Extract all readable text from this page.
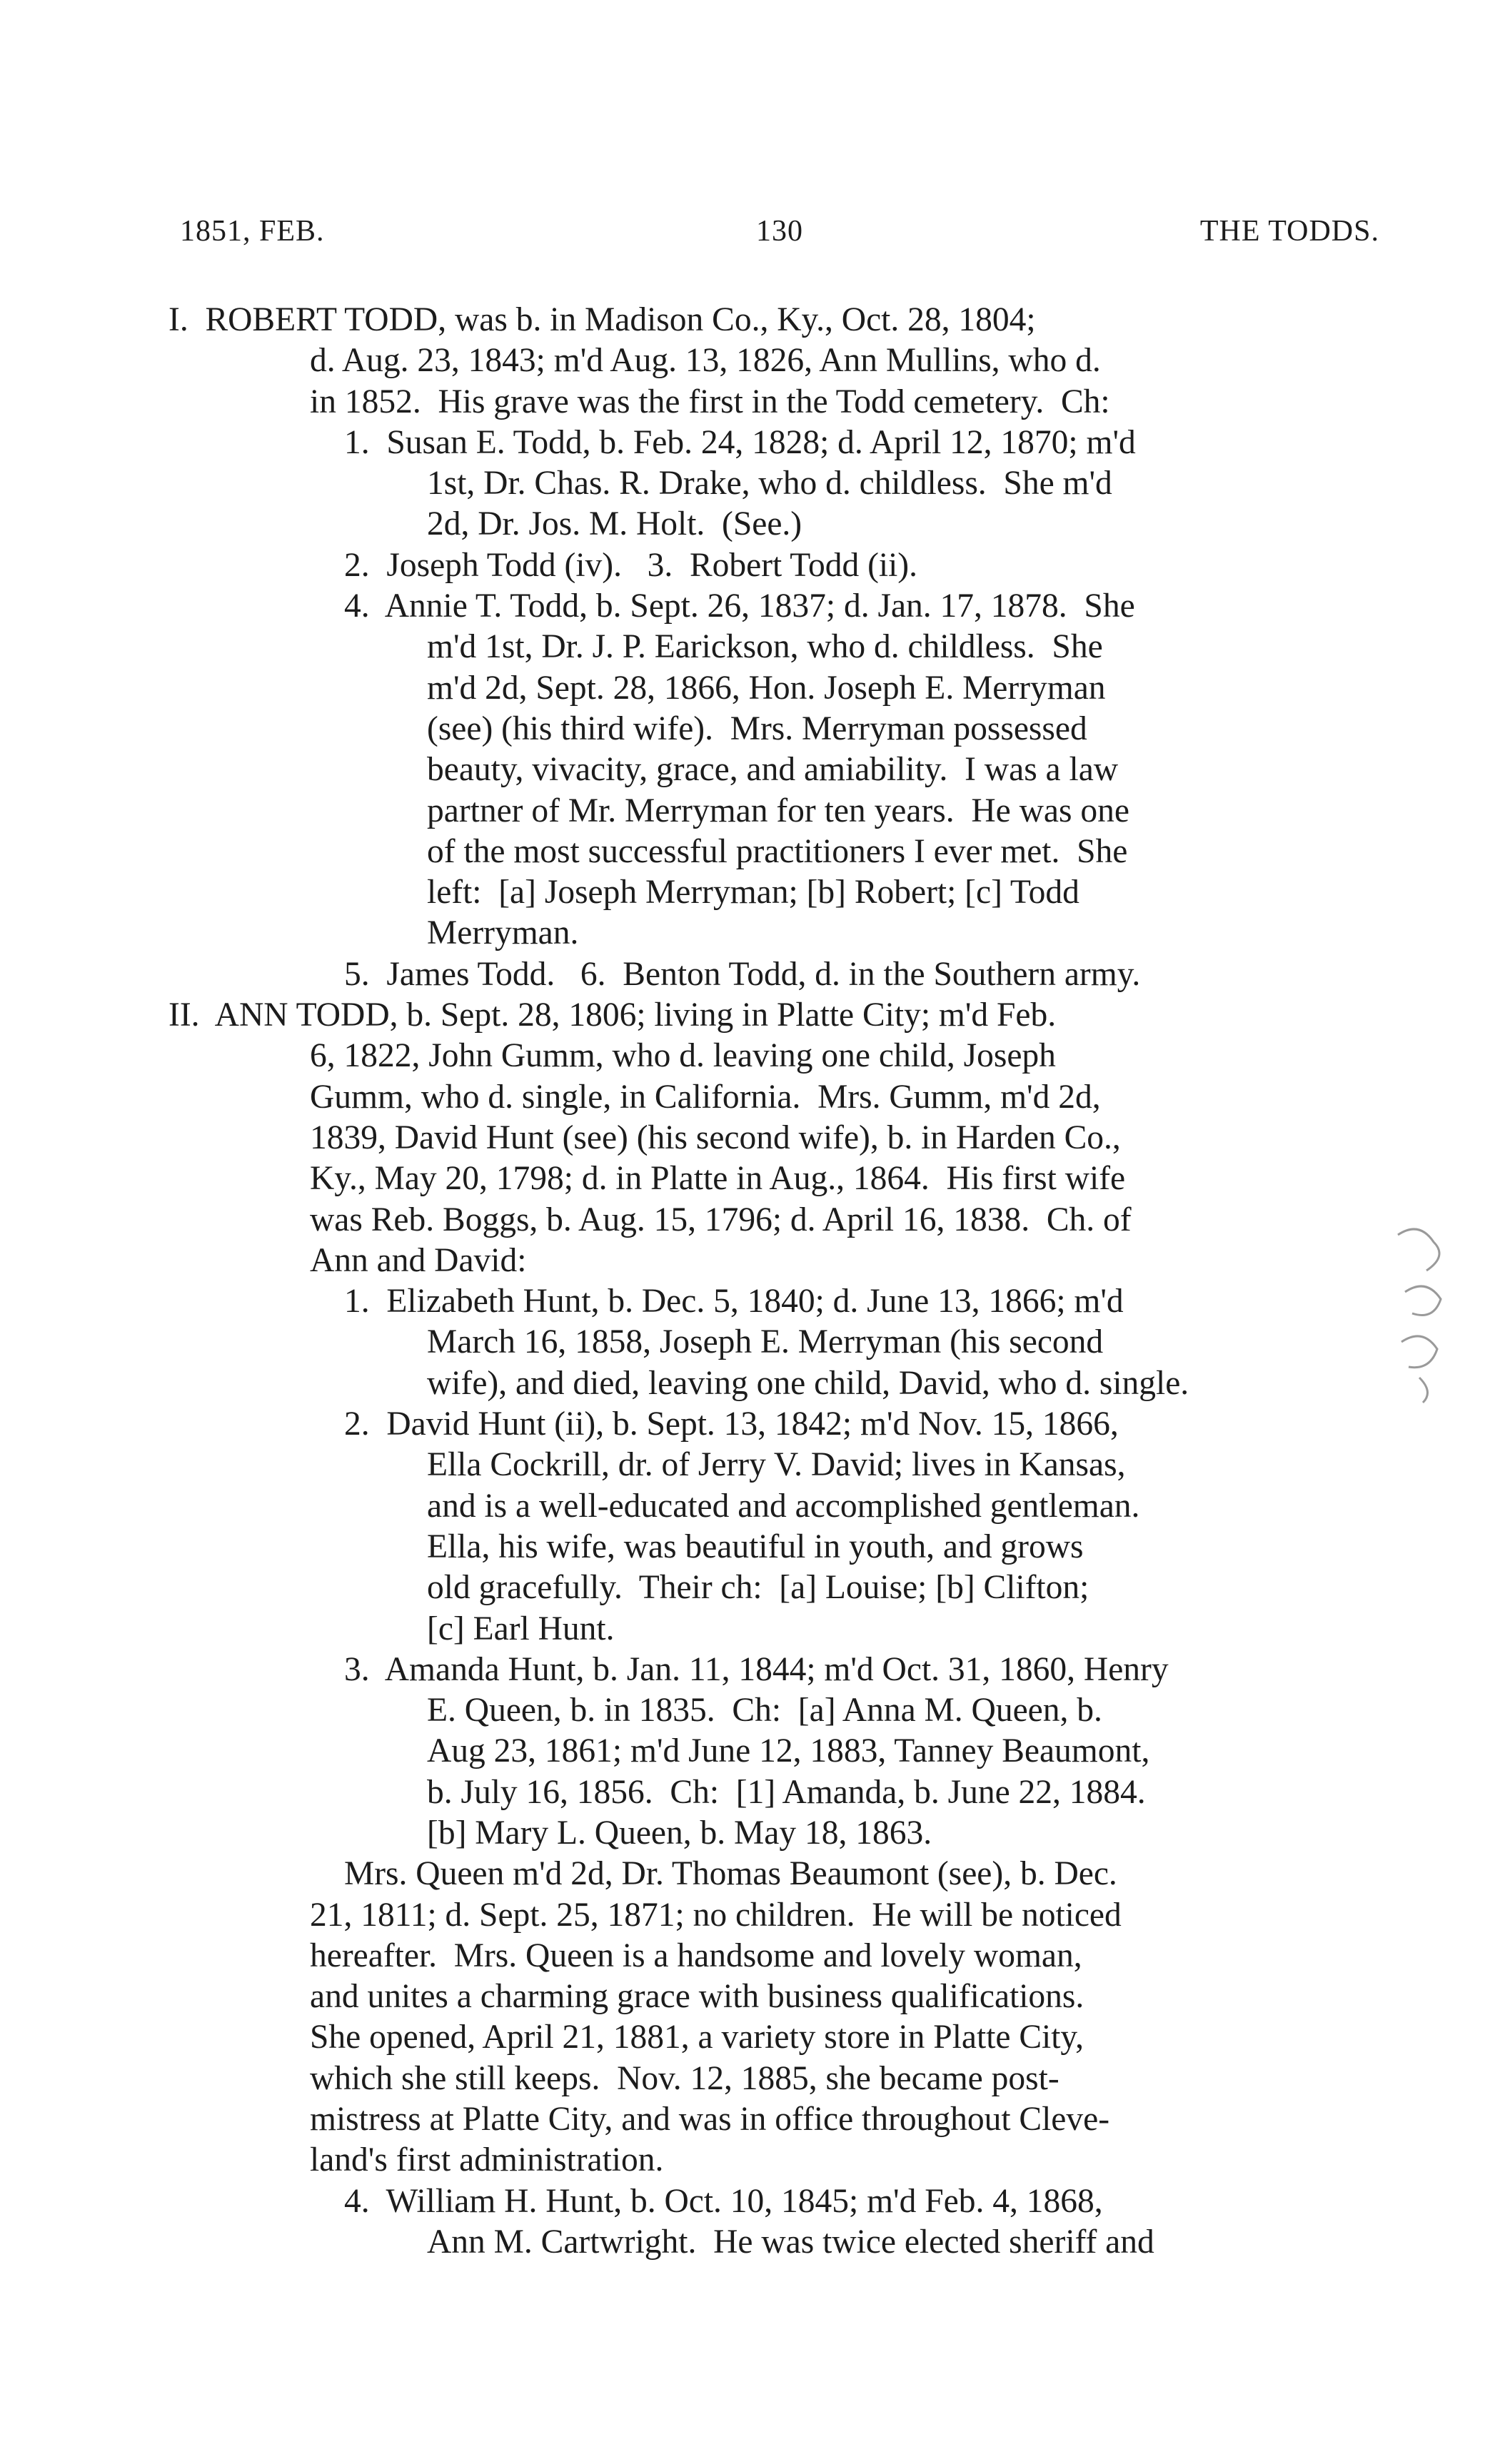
1851, FEB.	130	THE TODDS.
I.  ROBERT TODD, was b. in Madison Co., Ky., Oct. 28, 1804;
d. Aug. 23, 1843; m'd Aug. 13, 1826, Ann Mullins, who d.
in 1852.  His grave was the first in the Todd cemetery.  Ch:
1.  Susan E. Todd, b. Feb. 24, 1828; d. April 12, 1870; m'd
1st, Dr. Chas. R. Drake, who d. childless.  She m'd
2d, Dr. Jos. M. Holt.  (See.)
2.  Joseph Todd (iv).   3.  Robert Todd (ii).
4.  Annie T. Todd, b. Sept. 26, 1837; d. Jan. 17, 1878.  She
m'd 1st, Dr. J. P. Earickson, who d. childless.  She
m'd 2d, Sept. 28, 1866, Hon. Joseph E. Merryman
(see) (his third wife).  Mrs. Merryman possessed
beauty, vivacity, grace, and amiability.  I was a law
partner of Mr. Merryman for ten years.  He was one
of the most successful practitioners I ever met.  She
left:  [a] Joseph Merryman; [b] Robert; [c] Todd
Merryman.
5.  James Todd.   6.  Benton Todd, d. in the Southern army.
II.  ANN TODD, b. Sept. 28, 1806; living in Platte City; m'd Feb.
6, 1822, John Gumm, who d. leaving one child, Joseph
Gumm, who d. single, in California.  Mrs. Gumm, m'd 2d,
1839, David Hunt (see) (his second wife), b. in Harden Co.,
Ky., May 20, 1798; d. in Platte in Aug., 1864.  His first wife
was Reb. Boggs, b. Aug. 15, 1796; d. April 16, 1838.  Ch. of
Ann and David:
1.  Elizabeth Hunt, b. Dec. 5, 1840; d. June 13, 1866; m'd
March 16, 1858, Joseph E. Merryman (his second
wife), and died, leaving one child, David, who d. single.
2.  David Hunt (ii), b. Sept. 13, 1842; m'd Nov. 15, 1866,
Ella Cockrill, dr. of Jerry V. David; lives in Kansas,
and is a well-educated and accomplished gentleman.
Ella, his wife, was beautiful in youth, and grows
old gracefully.  Their ch:  [a] Louise; [b] Clifton;
[c] Earl Hunt.
3.  Amanda Hunt, b. Jan. 11, 1844; m'd Oct. 31, 1860, Henry
E. Queen, b. in 1835.  Ch:  [a] Anna M. Queen, b.
Aug 23, 1861; m'd June 12, 1883, Tanney Beaumont,
b. July 16, 1856.  Ch:  [1] Amanda, b. June 22, 1884.
[b] Mary L. Queen, b. May 18, 1863.
Mrs. Queen m'd 2d, Dr. Thomas Beaumont (see), b. Dec.
21, 1811; d. Sept. 25, 1871; no children.  He will be noticed
hereafter.  Mrs. Queen is a handsome and lovely woman,
and unites a charming grace with business qualifications.
She opened, April 21, 1881, a variety store in Platte City,
which she still keeps.  Nov. 12, 1885, she became post-
mistress at Platte City, and was in office throughout Cleve-
land's first administration.
4.  William H. Hunt, b. Oct. 10, 1845; m'd Feb. 4, 1868,
Ann M. Cartwright.  He was twice elected sheriff and
